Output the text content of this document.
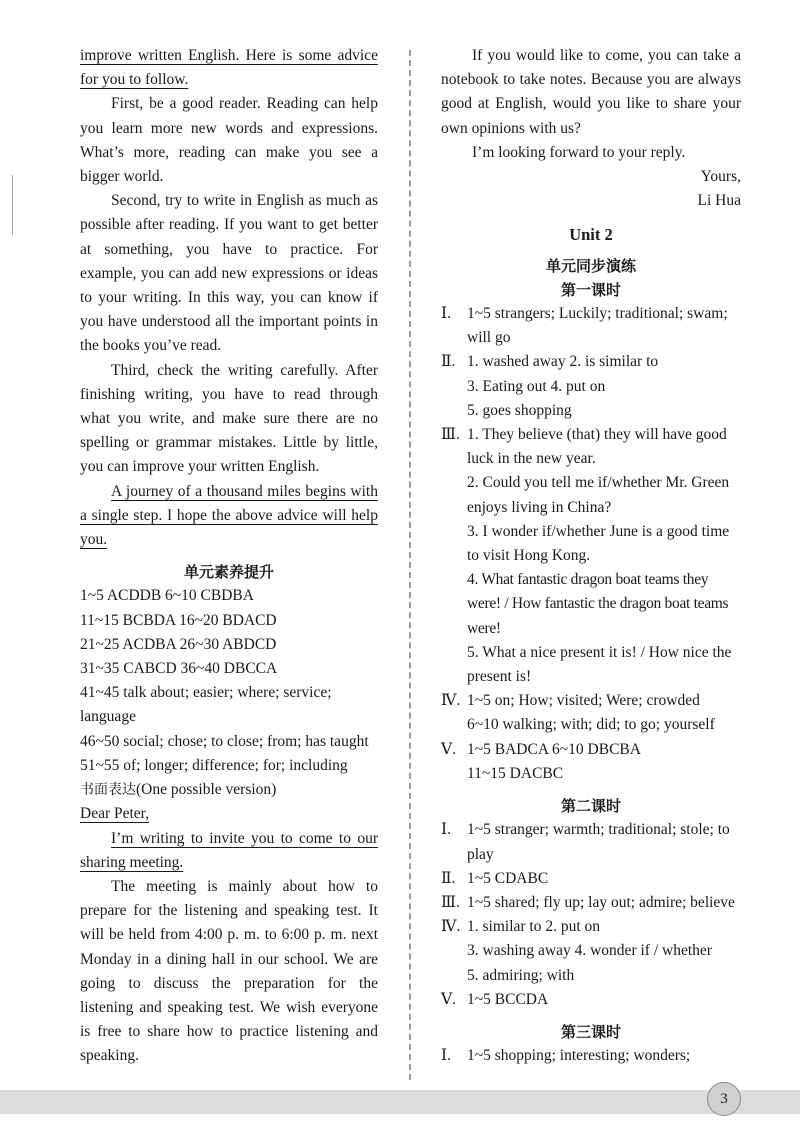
improve written English. Here is some advice for you to follow.

First, be a good reader. Reading can help you learn more new words and expressions. What’s more, reading can make you see a bigger world.

Second, try to write in English as much as possible after reading. If you want to get better at something, you have to practice. For example, you can add new expressions or ideas to your writing. In this way, you can know if you have understood all the important points in the books you’ve read.

Third, check the writing carefully. After finishing writing, you have to read through what you write, and make sure there are no spelling or grammar mistakes. Little by little, you can improve your written English.

A journey of a thousand miles begins with a single step. I hope the above advice will help you.

单元素养提升

1~5 ACDDB 6~10 CBDBA

11~15 BCBDA 16~20 BDACD

21~25 ACDBA 26~30 ABDCD

31~35 CABCD 36~40 DBCCA

41~45 talk about; easier; where; service; language

46~50 social; chose; to close; from; has taught

51~55 of; longer; difference; for; including

书面表达(One possible version)

Dear Peter,

I’m writing to invite you to come to our sharing meeting.

The meeting is mainly about how to prepare for the listening and speaking test. It will be held from 4:00 p. m. to 6:00 p. m. next Monday in a dining hall in our school. We are going to discuss the preparation for the listening and speaking test. We wish everyone is free to share how to practice listening and speaking.

If you would like to come, you can take a notebook to take notes. Because you are always good at English, would you like to share your own opinions with us?

I’m looking forward to your reply.

Yours,

Li Hua

Unit 2

单元同步演练

第一课时

Ⅰ.	1~5 strangers; Luckily; traditional; swam; will go

Ⅱ. 1. washed away 2. is similar to

3. Eating out 4. put on

5. goes shopping

Ⅲ. 1. They believe (that) they will have good luck in the new year.

2. Could you tell me if/whether Mr. Green enjoys living in China?

3. I wonder if/whether June is a good time to visit Hong Kong.

4. What fantastic dragon boat teams they were! / How fantastic the dragon boat teams were!

5. What a nice present it is! / How nice the present is!

Ⅳ. 1~5 on; How; visited; Were; crowded

6~10 walking; with; did; to go; yourself

Ⅴ. 1~5 BADCA 6~10 DBCBA

11~15 DACBC

第二课时

Ⅰ.	1~5 stranger; warmth; traditional; stole; to play

Ⅱ. 1~5 CDABC

Ⅲ. 1~5 shared; fly up; lay out; admire; believe

Ⅳ. 1. similar to 2. put on

3. washing away 4. wonder if / whether

5. admiring; with

Ⅴ. 1~5 BCCDA

第三课时

Ⅰ.	1~5 shopping; interesting; wonders;

3
